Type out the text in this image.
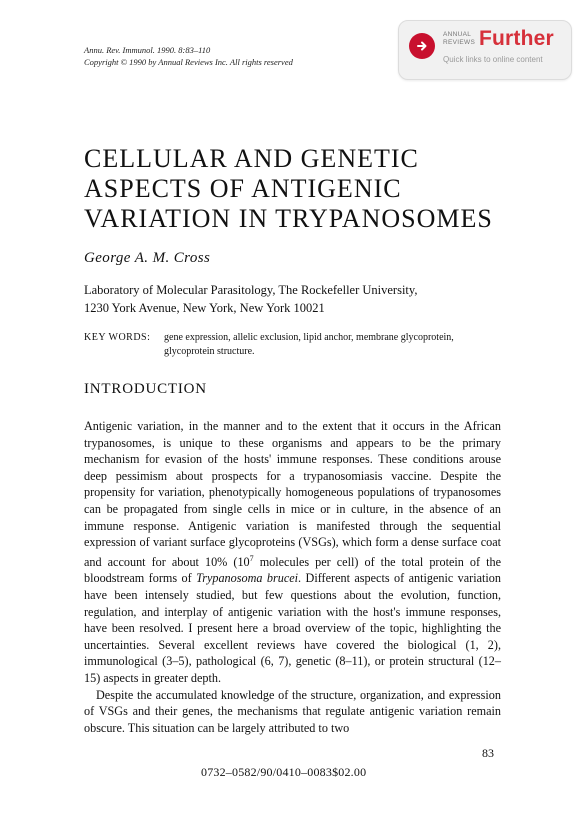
Annu. Rev. Immunol. 1990. 8:83–110
Copyright © 1990 by Annual Reviews Inc. All rights reserved
ANNUAL
REVIEWS Further
Quick links to online content
CELLULAR AND GENETIC
ASPECTS OF ANTIGENIC
VARIATION IN TRYPANOSOMES
George A. M. Cross
Laboratory of Molecular Parasitology, The Rockefeller University,
1230 York Avenue, New York, New York 10021
KEY WORDS: gene expression, allelic exclusion, lipid anchor, membrane glycoprotein, glycoprotein structure.
INTRODUCTION

Antigenic variation, in the manner and to the extent that it occurs in the African trypanosomes, is unique to these organisms and appears to be the primary mechanism for evasion of the hosts' immune responses. These conditions arouse deep pessimism about prospects for a trypanosomiasis vaccine. Despite the propensity for variation, phenotypically homogeneous populations of trypanosomes can be propagated from single cells in mice or in culture, in the absence of an immune response. Antigenic variation is manifested through the sequential expression of variant surface glycoproteins (VSGs), which form a dense surface coat and account for about 10% ($10^7$ molecules per cell) of the total protein of the bloodstream forms of Trypanosoma brucei. Different aspects of antigenic variation have been intensely studied, but few questions about the evolution, function, regulation, and interplay of antigenic variation with the host's immune responses, have been resolved. I present here a broad overview of the topic, highlighting the uncertainties. Several excellent reviews have covered the biological (1, 2), immunological (3–5), pathological (6, 7), genetic (8–11), or protein structural (12–15) aspects in greater depth.

Despite the accumulated knowledge of the structure, organization, and expression of VSGs and their genes, the mechanisms that regulate antigenic variation remain obscure. This situation can be largely attributed to two

83
0732–0582/90/0410–0083$02.00
